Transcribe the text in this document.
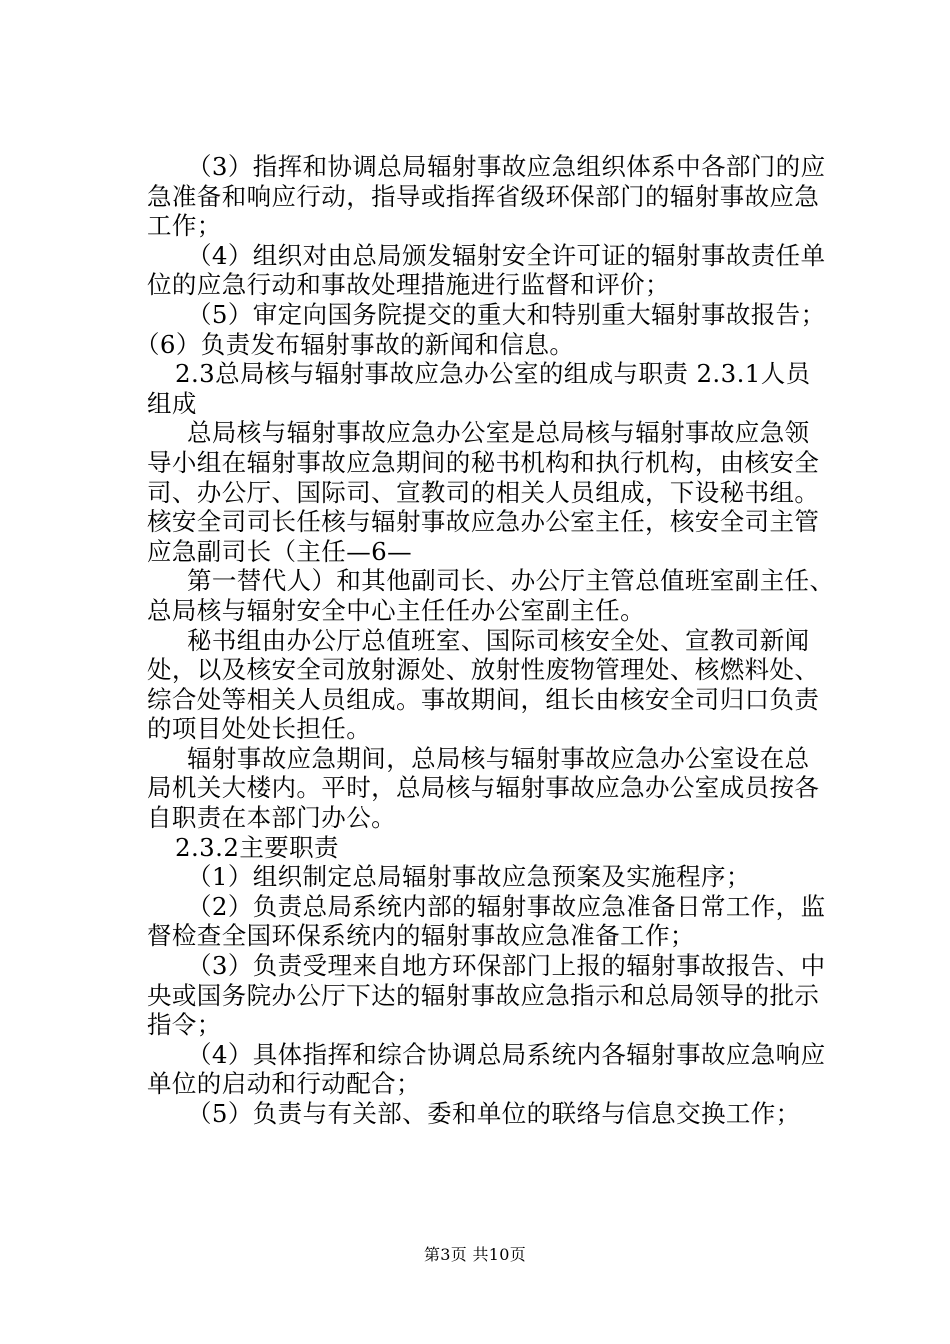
（3）指挥和协调总局辐射事故应急组织体系中各部门的应

急准备和响应行动，指导或指挥省级环保部门的辐射事故应急

工作；

（4）组织对由总局颁发辐射安全许可证的辐射事故责任单

位的应急行动和事故处理措施进行监督和评价；

（5）审定向国务院提交的重大和特别重大辐射事故报告；

（6）负责发布辐射事故的新闻和信息。

2.3总局核与辐射事故应急办公室的组成与职责 2.3.1人员

组成

总局核与辐射事故应急办公室是总局核与辐射事故应急领

导小组在辐射事故应急期间的秘书机构和执行机构，由核安全

司、办公厅、国际司、宣教司的相关人员组成，下设秘书组。

核安全司司长任核与辐射事故应急办公室主任，核安全司主管

应急副司长（主任—6—

第一替代人）和其他副司长、办公厅主管总值班室副主任、

总局核与辐射安全中心主任任办公室副主任。

秘书组由办公厅总值班室、国际司核安全处、宣教司新闻

处，以及核安全司放射源处、放射性废物管理处、核燃料处、

综合处等相关人员组成。事故期间，组长由核安全司归口负责

的项目处处长担任。

辐射事故应急期间，总局核与辐射事故应急办公室设在总

局机关大楼内。平时，总局核与辐射事故应急办公室成员按各

自职责在本部门办公。

2.3.2主要职责

（1）组织制定总局辐射事故应急预案及实施程序；

（2）负责总局系统内部的辐射事故应急准备日常工作，监

督检查全国环保系统内的辐射事故应急准备工作；

（3）负责受理来自地方环保部门上报的辐射事故报告、中

央或国务院办公厅下达的辐射事故应急指示和总局领导的批示

指令；

（4）具体指挥和综合协调总局系统内各辐射事故应急响应

单位的启动和行动配合；

（5）负责与有关部、委和单位的联络与信息交换工作；

第3页 共10页
